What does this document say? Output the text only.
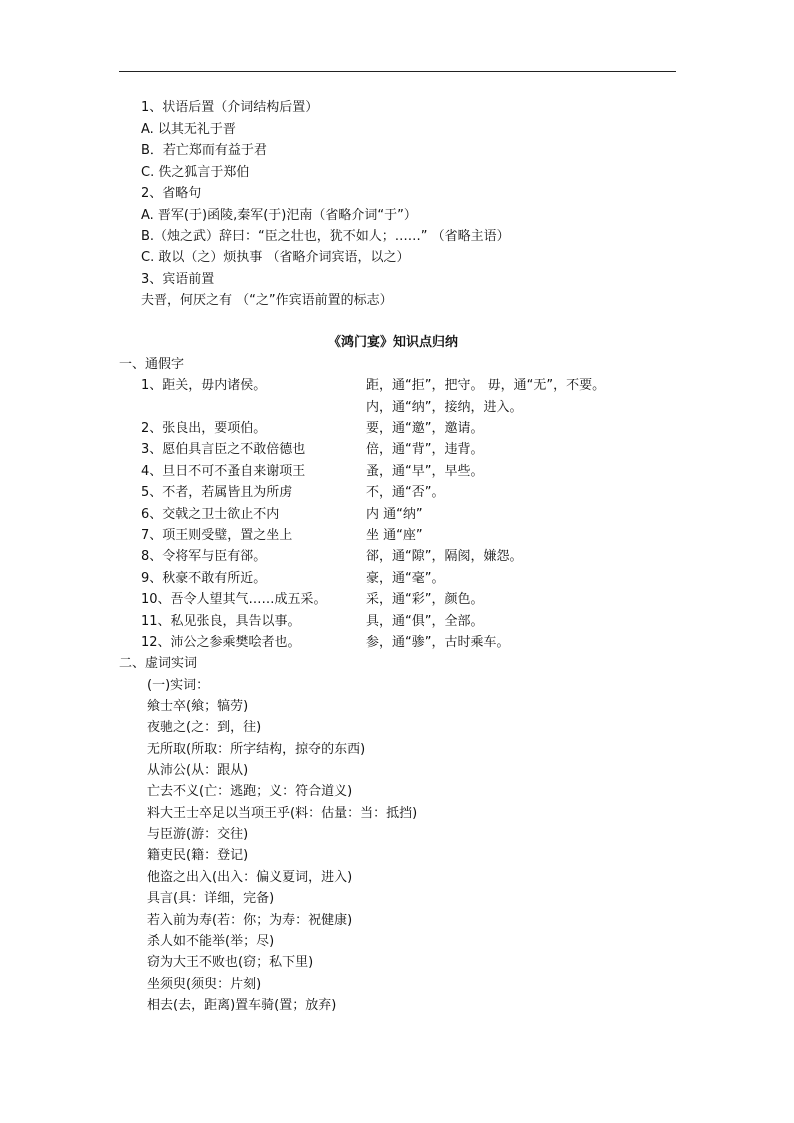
1、状语后置（介词结构后置）
A. 以其无礼于晋
B．若亡郑而有益于君
C. 佚之狐言于郑伯
2、省略句
A. 晋军(于)函陵,秦军(于)汜南（省略介词“于”）
B.（烛之武）辞曰：“臣之壮也，犹不如人；……” （省略主语）
C. 敢以（之）烦执事 （省略介词宾语，以之）
3、宾语前置
夫晋，何厌之有 （“之”作宾语前置的标志）
《鸿门宴》知识点归纳
一、通假字
1、距关，毋内诸侯。	距，通“拒”，把守。 毋，通“无”，不要。
内，通“纳”，接纳，进入。
2、张良出，要项伯。	要，通“邀”，邀请。
3、愿伯具言臣之不敢倍德也	倍，通“背”，违背。
4、旦日不可不蚤自来谢项王	蚤，通“早”，早些。
5、不者，若属皆且为所虏	不，通“否”。
6、交戟之卫士欲止不内	内 通“纳”
7、项王则受璧，置之坐上	坐 通“座”
8、令将军与臣有郤。	郤，通“隙”，隔阂，嫌怨。
9、秋豪不敢有所近。	豪，通“毫”。
10、吾令人望其气……成五采。	采，通“彩”，颜色。
11、私见张良，具告以事。	具，通“俱”，全部。
12、沛公之参乘樊哙者也。	参，通“骖”，古时乘车。
二、虚词实词
(一)实词：
飨士卒(飨；犒劳)
夜驰之(之：到，往)
无所取(所取：所字结构，掠夺的东西)
从沛公(从：跟从)
亡去不义(亡：逃跑；义：符合道义)
料大王士卒足以当项王乎(料：估量：当：抵挡)
与臣游(游：交往)
籍吏民(籍：登记)
他盗之出入(出入：偏义夏词，进入)
具言(具：详细，完备)
若入前为寿(若：你；为寿：祝健康)
杀人如不能举(举；尽)
窃为大王不败也(窃；私下里)
坐须臾(须臾：片刻)
相去(去，距离)置车骑(置；放弃)
